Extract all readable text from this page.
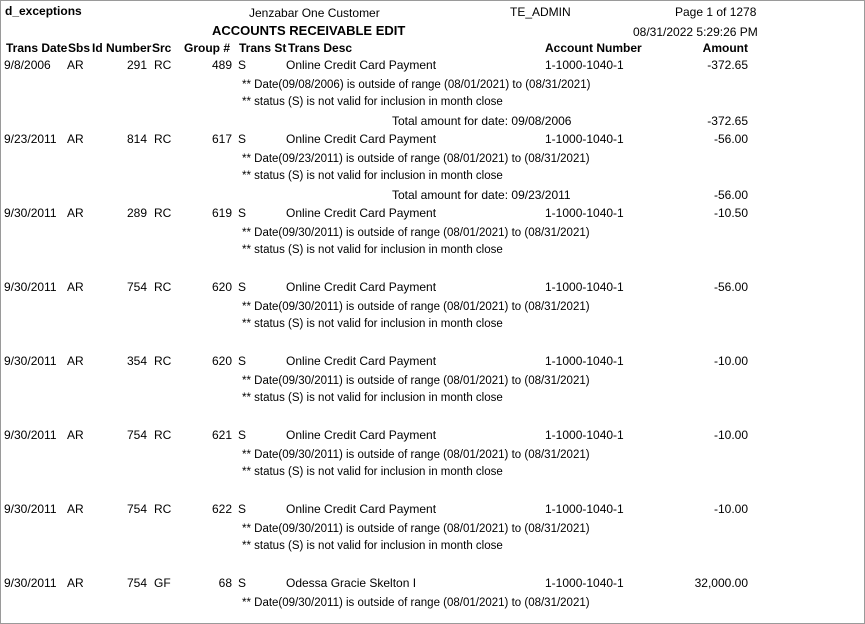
d_exceptions	Jenzabar One Customer	TE_ADMIN	Page 1 of 1278
ACCOUNTS RECEIVABLE EDIT	08/31/2022 5:29:26 PM
Trans Date Sbs Id Number Src Group # Trans St Trans Desc	Account Number	Amount
9/8/2006 AR	291 RC	489 S	Online Credit Card Payment	1-1000-1040-1	-372.65
** Date(09/08/2006) is outside of range (08/01/2021) to (08/31/2021)
** status (S) is not valid for inclusion in month close
Total amount for date: 09/08/2006	-372.65
9/23/2011 AR	814 RC	617 S	Online Credit Card Payment	1-1000-1040-1	-56.00
** Date(09/23/2011) is outside of range (08/01/2021) to (08/31/2021)
** status (S) is not valid for inclusion in month close
Total amount for date: 09/23/2011	-56.00
9/30/2011 AR	289 RC	619 S	Online Credit Card Payment	1-1000-1040-1	-10.50
** Date(09/30/2011) is outside of range (08/01/2021) to (08/31/2021)
** status (S) is not valid for inclusion in month close
9/30/2011 AR	754 RC	620 S	Online Credit Card Payment	1-1000-1040-1	-56.00
** Date(09/30/2011) is outside of range (08/01/2021) to (08/31/2021)
** status (S) is not valid for inclusion in month close
9/30/2011 AR	354 RC	620 S	Online Credit Card Payment	1-1000-1040-1	-10.00
** Date(09/30/2011) is outside of range (08/01/2021) to (08/31/2021)
** status (S) is not valid for inclusion in month close
9/30/2011 AR	754 RC	621 S	Online Credit Card Payment	1-1000-1040-1	-10.00
** Date(09/30/2011) is outside of range (08/01/2021) to (08/31/2021)
** status (S) is not valid for inclusion in month close
9/30/2011 AR	754 RC	622 S	Online Credit Card Payment	1-1000-1040-1	-10.00
** Date(09/30/2011) is outside of range (08/01/2021) to (08/31/2021)
** status (S) is not valid for inclusion in month close
9/30/2011 AR	754 GF	68 S	Odessa Gracie Skelton I	1-1000-1040-1	32,000.00
** Date(09/30/2011) is outside of range (08/01/2021) to (08/31/2021)
